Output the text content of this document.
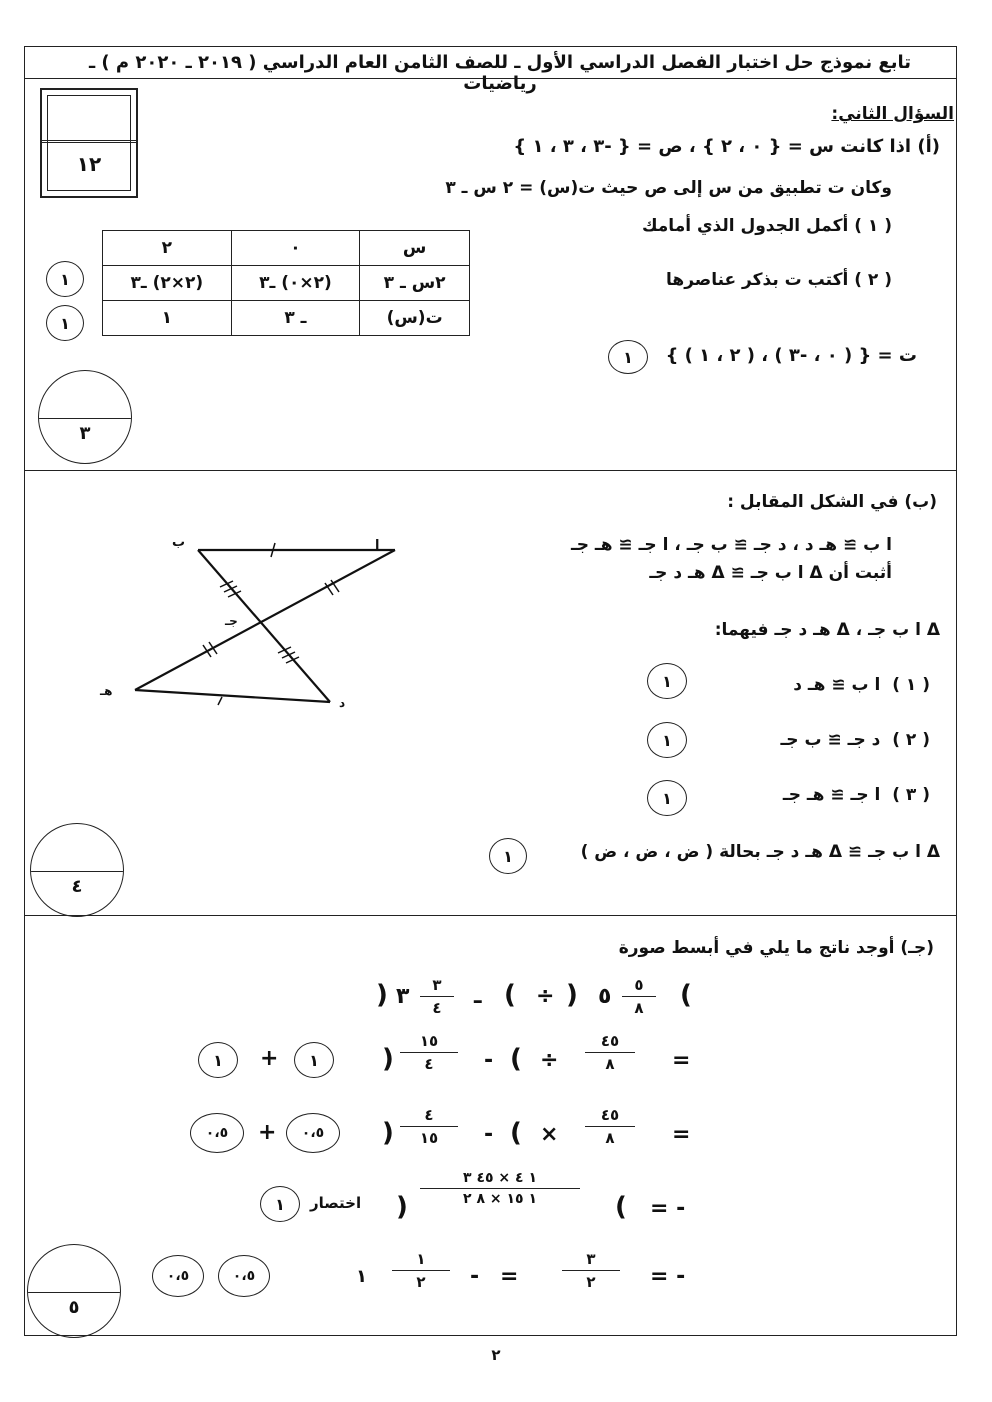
تابع نموذج حل اختبار الفصل الدراسي الأول ـ للصف الثامن العام الدراسي ( ٢٠١٩ ـ ٢٠٢٠ م ) ـ رياضيات
١٢
السؤال الثاني:
(أ) اذا كانت س = { ٠ ، ٢ } ، ص = { -٣ ، ٣ ، ١ }
وكان ت تطبيق من س إلى ص حيث ت(س) = ٢ س ـ ٣
( ١ ) أكمل الجدول الذي أمامك
( ٢ ) أكتب ت بذكر عناصرها
س	٠	٢
٢س ـ ٣	(٢×٠) ـ٣	(٢×٢) ـ٣
ت(س)	ـ ٣	١
١
١
ت = { ( ٠ ، -٣ ) ، ( ٢ ، ١ ) }
١
٣
(ب) في الشكل المقابل :
ا ب ≅ هـ د ، د جـ ≅ ب جـ ، ا جـ ≅ هـ جـ
أثبت أن Δ ا ب جـ ≅ Δ هـ د جـ
Δ ا ب جـ ، Δ هـ د جـ فيهما:
( ١ )  ا ب ≅ هـ د
( ٢ )  د جـ ≅ ب جـ
( ٣ )  ا جـ ≅ هـ جـ
١
١
١
Δ ا ب جـ ≅ Δ هـ د جـ بحالة ( ض ، ض ، ض )
١
ا
ب
جـ
د
هـ
٤
(جـ) أوجد ناتج ما يلي في أبسط صورة
(
٥
٨
٥
)
÷
(
ـ
٣
٤
٣
)
=
٤٥
٨
÷
(
-
١٥
٤
)
١
+
١
=
٤٥
٨
×
(
-
٤
١٥
)
٠،٥
+
٠،٥
= -
(
١ ٤ × ٤٥ ٣
١ ١٥ × ٨ ٢
)
اختصار
١
= -
٣
٢
=
-
١
٢
١
٠،٥
٠،٥
٥
٢
